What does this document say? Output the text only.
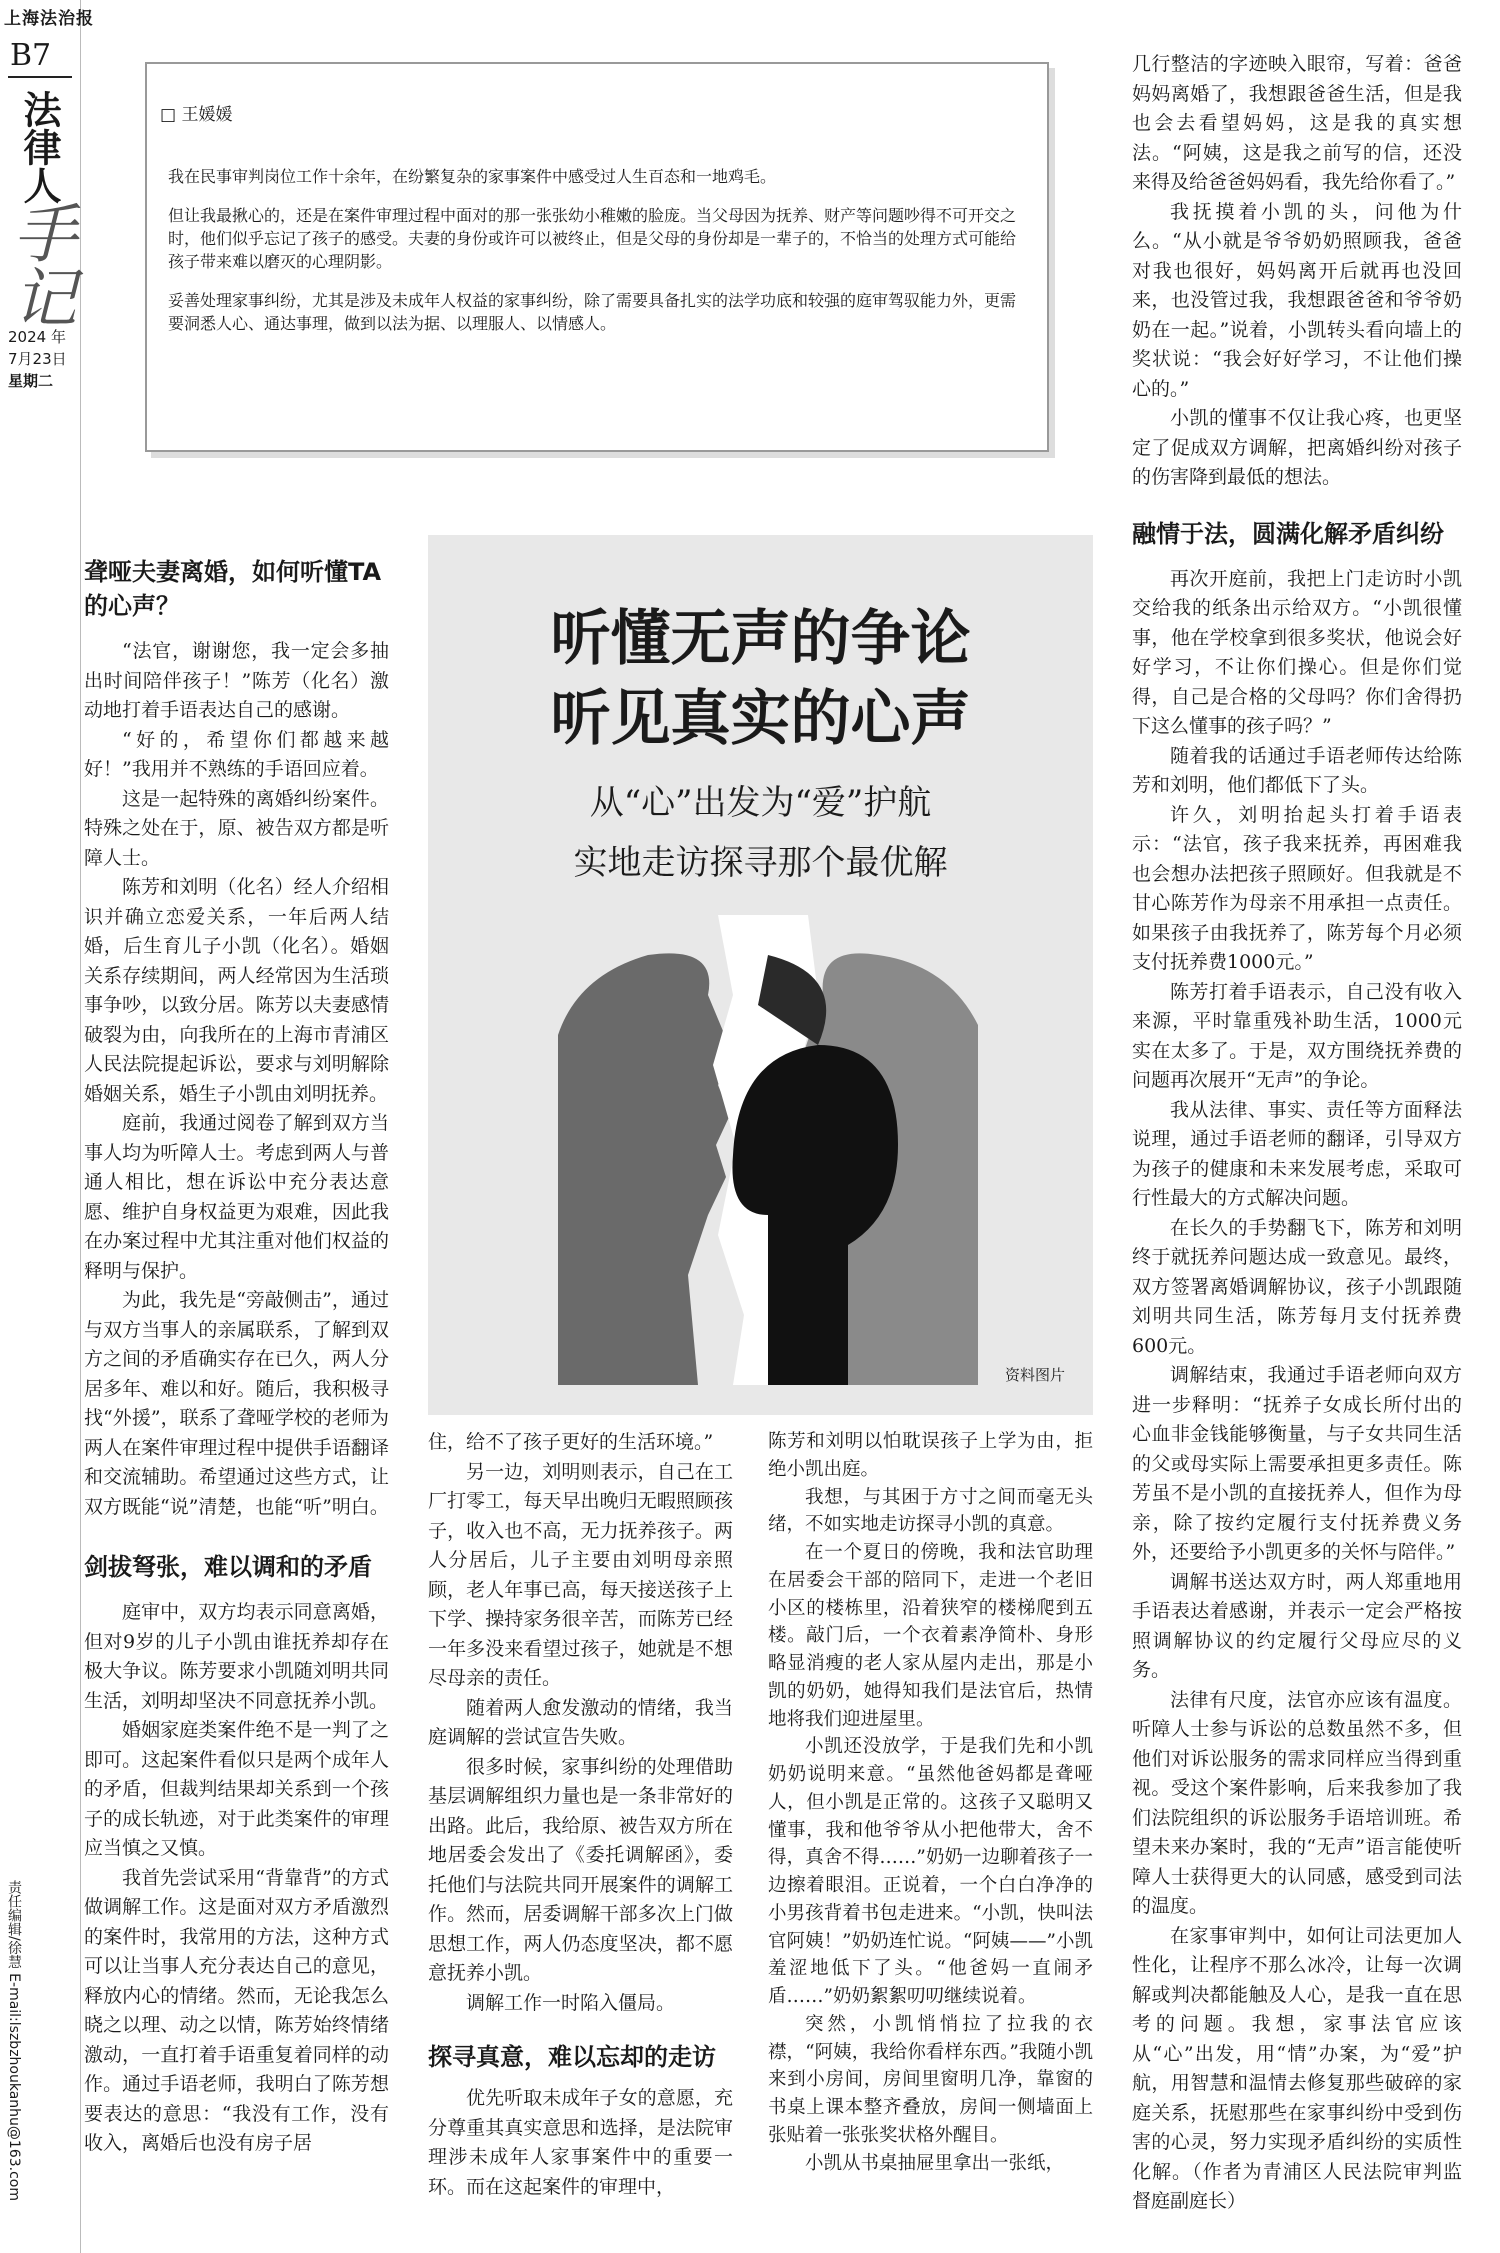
上海法治报
B7
法律人
手记
2024 年
7月23日
星期二
责任编辑/徐慧 E-mail:lszbzhoukanhu@163.com
□ 王媛媛

我在民事审判岗位工作十余年，在纷繁复杂的家事案件中感受过人生百态和一地鸡毛。

但让我最揪心的，还是在案件审理过程中面对的那一张张幼小稚嫩的脸庞。当父母因为抚养、财产等问题吵得不可开交之时，他们似乎忘记了孩子的感受。夫妻的身份或许可以被终止，但是父母的身份却是一辈子的，不恰当的处理方式可能给孩子带来难以磨灭的心理阴影。

妥善处理家事纠纷，尤其是涉及未成年人权益的家事纠纷，除了需要具备扎实的法学功底和较强的庭审驾驭能力外，更需要洞悉人心、通达事理，做到以法为据、以理服人、以情感人。

听懂无声的争论
听见真实的心声
从“心”出发为“爱”护航
实地走访探寻那个最优解
资料图片
聋哑夫妻离婚，如何听懂TA的心声？

“法官，谢谢您，我一定会多抽出时间陪伴孩子！”陈芳（化名）激动地打着手语表达自己的感谢。

“好的，希望你们都越来越好！”我用并不熟练的手语回应着。

这是一起特殊的离婚纠纷案件。特殊之处在于，原、被告双方都是听障人士。

陈芳和刘明（化名）经人介绍相识并确立恋爱关系，一年后两人结婚，后生育儿子小凯（化名）。婚姻关系存续期间，两人经常因为生活琐事争吵，以致分居。陈芳以夫妻感情破裂为由，向我所在的上海市青浦区人民法院提起诉讼，要求与刘明解除婚姻关系，婚生子小凯由刘明抚养。

庭前，我通过阅卷了解到双方当事人均为听障人士。考虑到两人与普通人相比，想在诉讼中充分表达意愿、维护自身权益更为艰难，因此我在办案过程中尤其注重对他们权益的释明与保护。

为此，我先是“旁敲侧击”，通过与双方当事人的亲属联系，了解到双方之间的矛盾确实存在已久，两人分居多年、难以和好。随后，我积极寻找“外援”，联系了聋哑学校的老师为两人在案件审理过程中提供手语翻译和交流辅助。希望通过这些方式，让双方既能“说”清楚，也能“听”明白。

剑拔弩张，难以调和的矛盾

庭审中，双方均表示同意离婚，但对9岁的儿子小凯由谁抚养却存在极大争议。陈芳要求小凯随刘明共同生活，刘明却坚决不同意抚养小凯。

婚姻家庭类案件绝不是一判了之即可。这起案件看似只是两个成年人的矛盾，但裁判结果却关系到一个孩子的成长轨迹，对于此类案件的审理应当慎之又慎。

我首先尝试采用“背靠背”的方式做调解工作。这是面对双方矛盾激烈的案件时，我常用的方法，这种方式可以让当事人充分表达自己的意见，释放内心的情绪。然而，无论我怎么晓之以理、动之以情，陈芳始终情绪激动，一直打着手语重复着同样的动作。通过手语老师，我明白了陈芳想要表达的意思：“我没有工作，没有收入，离婚后也没有房子居

住，给不了孩子更好的生活环境。”

另一边，刘明则表示，自己在工厂打零工，每天早出晚归无暇照顾孩子，收入也不高，无力抚养孩子。两人分居后，儿子主要由刘明母亲照顾，老人年事已高，每天接送孩子上下学、操持家务很辛苦，而陈芳已经一年多没来看望过孩子，她就是不想尽母亲的责任。

随着两人愈发激动的情绪，我当庭调解的尝试宣告失败。

很多时候，家事纠纷的处理借助基层调解组织力量也是一条非常好的出路。此后，我给原、被告双方所在地居委会发出了《委托调解函》，委托他们与法院共同开展案件的调解工作。然而，居委调解干部多次上门做思想工作，两人仍态度坚决，都不愿意抚养小凯。

调解工作一时陷入僵局。

探寻真意，难以忘却的走访

优先听取未成年子女的意愿，充分尊重其真实意思和选择，是法院审理涉未成年人家事案件中的重要一环。而在这起案件的审理中，

陈芳和刘明以怕耽误孩子上学为由，拒绝小凯出庭。

我想，与其困于方寸之间而毫无头绪，不如实地走访探寻小凯的真意。

在一个夏日的傍晚，我和法官助理在居委会干部的陪同下，走进一个老旧小区的楼栋里，沿着狭窄的楼梯爬到五楼。敲门后，一个衣着素净简朴、身形略显消瘦的老人家从屋内走出，那是小凯的奶奶，她得知我们是法官后，热情地将我们迎进屋里。

小凯还没放学，于是我们先和小凯奶奶说明来意。“虽然他爸妈都是聋哑人，但小凯是正常的。这孩子又聪明又懂事，我和他爷爷从小把他带大，舍不得，真舍不得……”奶奶一边聊着孩子一边擦着眼泪。正说着，一个白白净净的小男孩背着书包走进来。“小凯，快叫法官阿姨！”奶奶连忙说。“阿姨——”小凯羞涩地低下了头。“他爸妈一直闹矛盾……”奶奶絮絮叨叨继续说着。

突然，小凯悄悄拉了拉我的衣襟，“阿姨，我给你看样东西。”我随小凯来到小房间，房间里窗明几净，靠窗的书桌上课本整齐叠放，房间一侧墙面上张贴着一张张奖状格外醒目。

小凯从书桌抽屉里拿出一张纸，

几行整洁的字迹映入眼帘，写着：爸爸妈妈离婚了，我想跟爸爸生活，但是我也会去看望妈妈，这是我的真实想法。“阿姨，这是我之前写的信，还没来得及给爸爸妈妈看，我先给你看了。”

我抚摸着小凯的头，问他为什么。“从小就是爷爷奶奶照顾我，爸爸对我也很好，妈妈离开后就再也没回来，也没管过我，我想跟爸爸和爷爷奶奶在一起。”说着，小凯转头看向墙上的奖状说：“我会好好学习，不让他们操心的。”

小凯的懂事不仅让我心疼，也更坚定了促成双方调解，把离婚纠纷对孩子的伤害降到最低的想法。

融情于法，圆满化解矛盾纠纷

再次开庭前，我把上门走访时小凯交给我的纸条出示给双方。“小凯很懂事，他在学校拿到很多奖状，他说会好好学习，不让你们操心。但是你们觉得，自己是合格的父母吗？你们舍得扔下这么懂事的孩子吗？”

随着我的话通过手语老师传达给陈芳和刘明，他们都低下了头。

许久，刘明抬起头打着手语表示：“法官，孩子我来抚养，再困难我也会想办法把孩子照顾好。但我就是不甘心陈芳作为母亲不用承担一点责任。如果孩子由我抚养了，陈芳每个月必须支付抚养费1000元。”

陈芳打着手语表示，自己没有收入来源，平时靠重残补助生活，1000元实在太多了。于是，双方围绕抚养费的问题再次展开“无声”的争论。

我从法律、事实、责任等方面释法说理，通过手语老师的翻译，引导双方为孩子的健康和未来发展考虑，采取可行性最大的方式解决问题。

在长久的手势翻飞下，陈芳和刘明终于就抚养问题达成一致意见。最终，双方签署离婚调解协议，孩子小凯跟随刘明共同生活，陈芳每月支付抚养费600元。

调解结束，我通过手语老师向双方进一步释明：“抚养子女成长所付出的心血非金钱能够衡量，与子女共同生活的父或母实际上需要承担更多责任。陈芳虽不是小凯的直接抚养人，但作为母亲，除了按约定履行支付抚养费义务外，还要给予小凯更多的关怀与陪伴。”

调解书送达双方时，两人郑重地用手语表达着感谢，并表示一定会严格按照调解协议的约定履行父母应尽的义务。

法律有尺度，法官亦应该有温度。听障人士参与诉讼的总数虽然不多，但他们对诉讼服务的需求同样应当得到重视。受这个案件影响，后来我参加了我们法院组织的诉讼服务手语培训班。希望未来办案时，我的“无声”语言能使听障人士获得更大的认同感，感受到司法的温度。

在家事审判中，如何让司法更加人性化，让程序不那么冰冷，让每一次调解或判决都能触及人心，是我一直在思考的问题。我想，家事法官应该从“心”出发，用“情”办案，为“爱”护航，用智慧和温情去修复那些破碎的家庭关系，抚慰那些在家事纠纷中受到伤害的心灵，努力实现矛盾纠纷的实质性化解。（作者为青浦区人民法院审判监督庭副庭长）
